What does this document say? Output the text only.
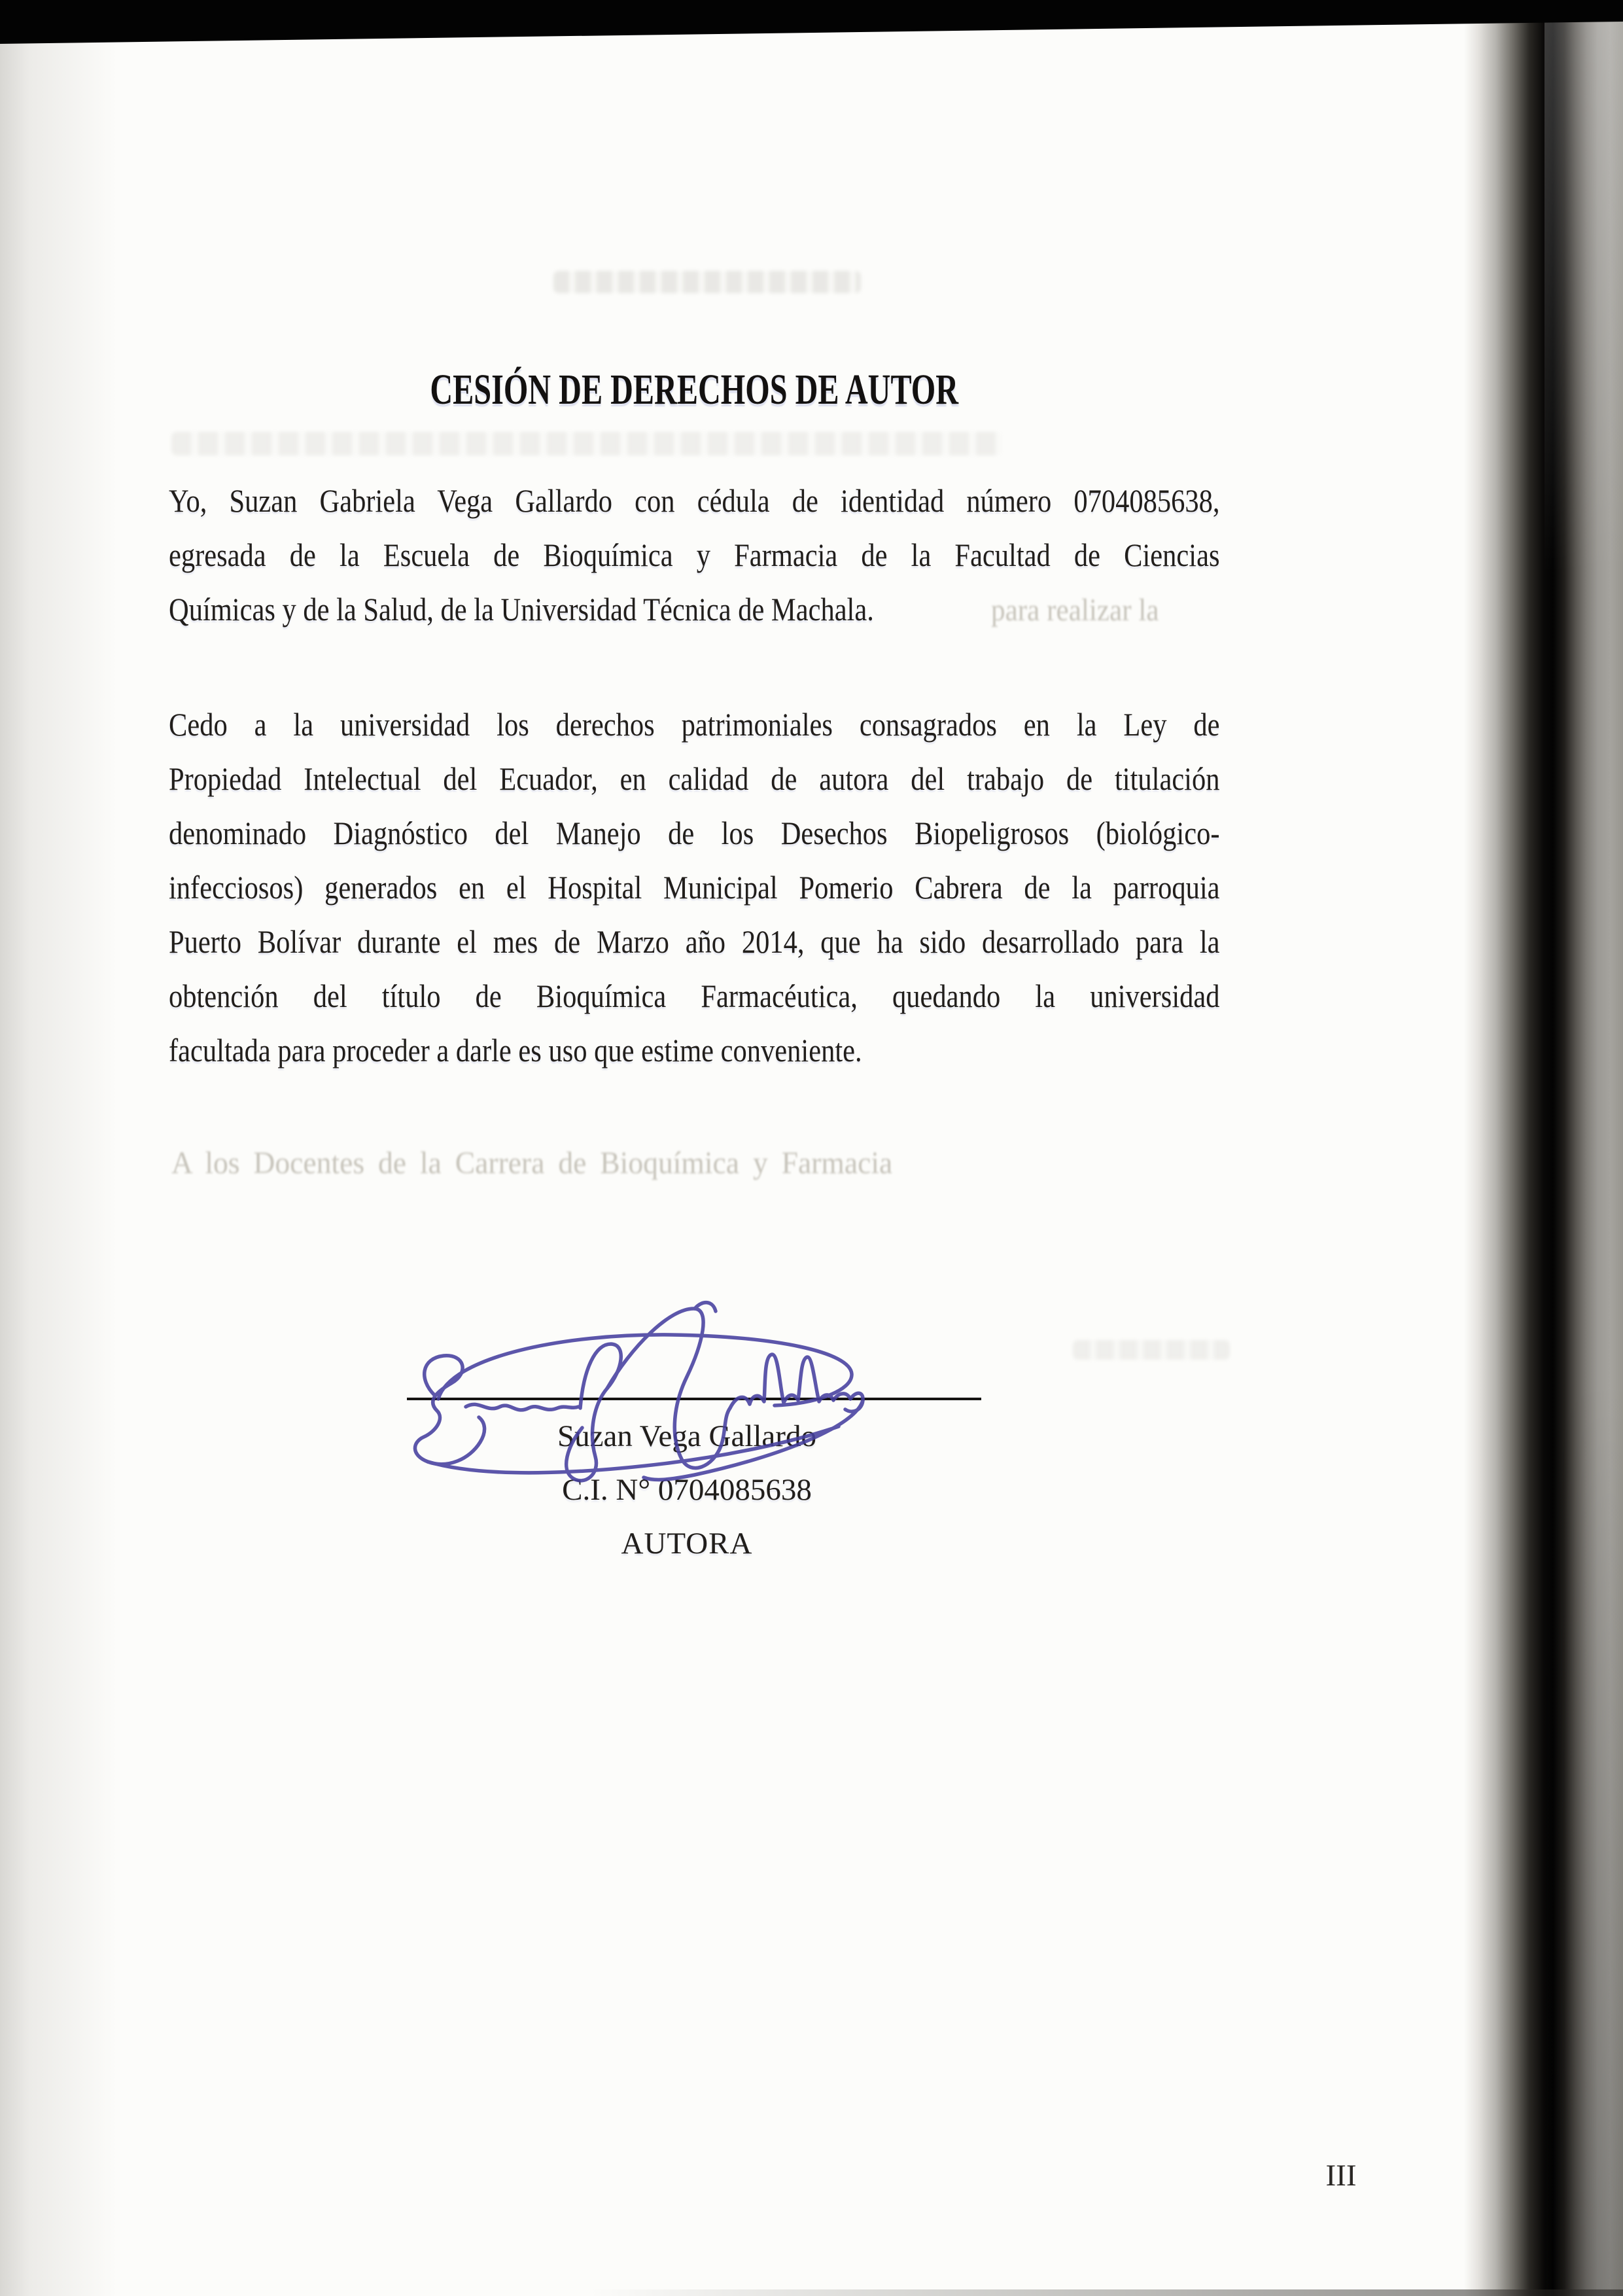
para realizar la
A los Docentes de la Carrera de Bioquímica y Farmacia
CESIÓN DE DERECHOS DE AUTOR
Yo, Suzan Gabriela Vega Gallardo con cédula de identidad número 0704085638,
egresada de la Escuela de Bioquímica y Farmacia de la Facultad de Ciencias
Químicas y de la Salud, de la Universidad Técnica de Machala.
Cedo a la universidad los derechos patrimoniales consagrados en la Ley de
Propiedad Intelectual del Ecuador, en calidad de autora del trabajo de titulación
denominado Diagnóstico del Manejo de los Desechos Biopeligrosos (biológico-
infecciosos) generados en el Hospital Municipal Pomerio Cabrera de la parroquia
Puerto Bolívar durante el mes de Marzo año 2014, que ha sido desarrollado para la
obtención del título de Bioquímica Farmacéutica, quedando la universidad
facultada para proceder a darle es uso que estime conveniente.
Suzan Vega Gallardo
C.I. N° 0704085638
AUTORA
III
